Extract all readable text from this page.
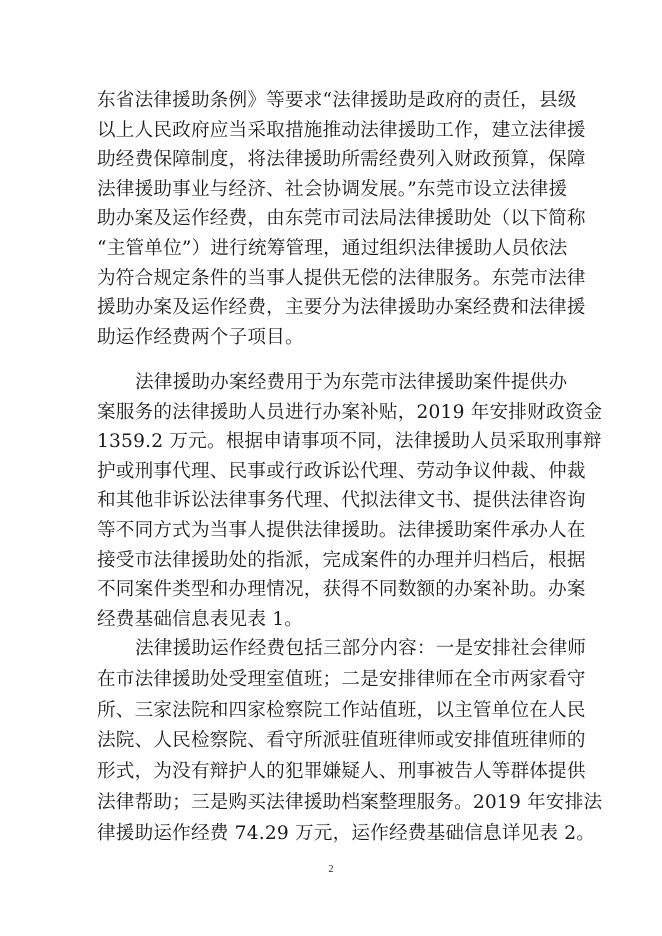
东省法律援助条例》等要求“法律援助是政府的责任，县级
以上人民政府应当采取措施推动法律援助工作，建立法律援
助经费保障制度，将法律援助所需经费列入财政预算，保障
法律援助事业与经济、社会协调发展。”东莞市设立法律援
助办案及运作经费，由东莞市司法局法律援助处（以下简称
“主管单位”）进行统筹管理，通过组织法律援助人员依法
为符合规定条件的当事人提供无偿的法律服务。东莞市法律
援助办案及运作经费，主要分为法律援助办案经费和法律援
助运作经费两个子项目。
法律援助办案经费用于为东莞市法律援助案件提供办
案服务的法律援助人员进行办案补贴，2019 年安排财政资金
1359.2 万元。根据申请事项不同，法律援助人员采取刑事辩
护或刑事代理、民事或行政诉讼代理、劳动争议仲裁、仲裁
和其他非诉讼法律事务代理、代拟法律文书、提供法律咨询
等不同方式为当事人提供法律援助。法律援助案件承办人在
接受市法律援助处的指派，完成案件的办理并归档后，根据
不同案件类型和办理情况，获得不同数额的办案补助。办案
经费基础信息表见表 1。
法律援助运作经费包括三部分内容：一是安排社会律师
在市法律援助处受理室值班；二是安排律师在全市两家看守
所、三家法院和四家检察院工作站值班，以主管单位在人民
法院、人民检察院、看守所派驻值班律师或安排值班律师的
形式，为没有辩护人的犯罪嫌疑人、刑事被告人等群体提供
法律帮助；三是购买法律援助档案整理服务。2019 年安排法
律援助运作经费 74.29 万元，运作经费基础信息详见表 2。
2
